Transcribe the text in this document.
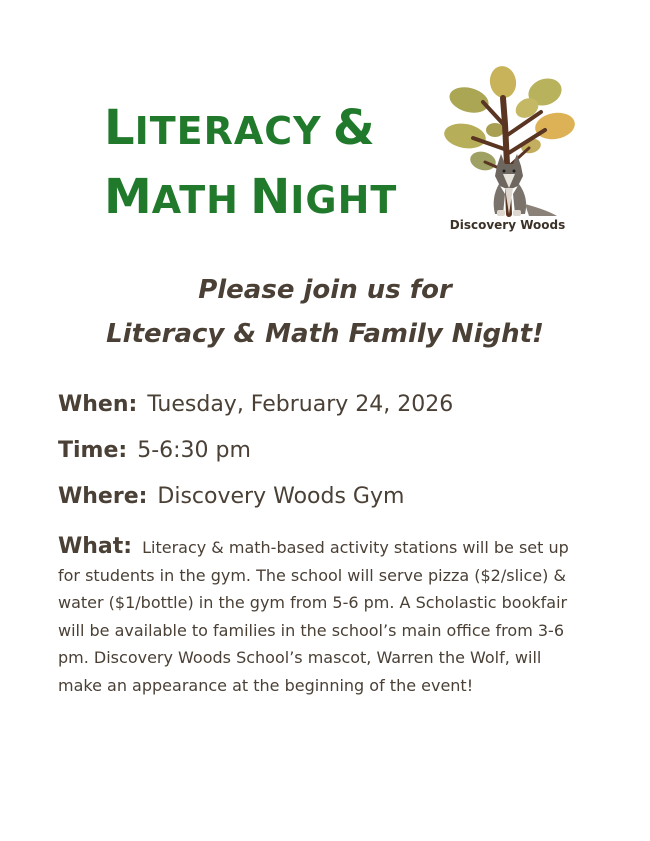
LITERACY &
MATH NIGHT
Discovery Woods
Please join us for
Literacy & Math Family Night!
When: Tuesday, February 24, 2026
Time: 5-6:30 pm
Where: Discovery Woods Gym
What: Literacy & math-based activity stations will be set up for students in the gym. The school will serve pizza ($2/slice) & water ($1/bottle) in the gym from 5-6 pm. A Scholastic bookfair will be available to families in the school’s main office from 3-6 pm. Discovery Woods School’s mascot, Warren the Wolf, will make an appearance at the beginning of the event!
